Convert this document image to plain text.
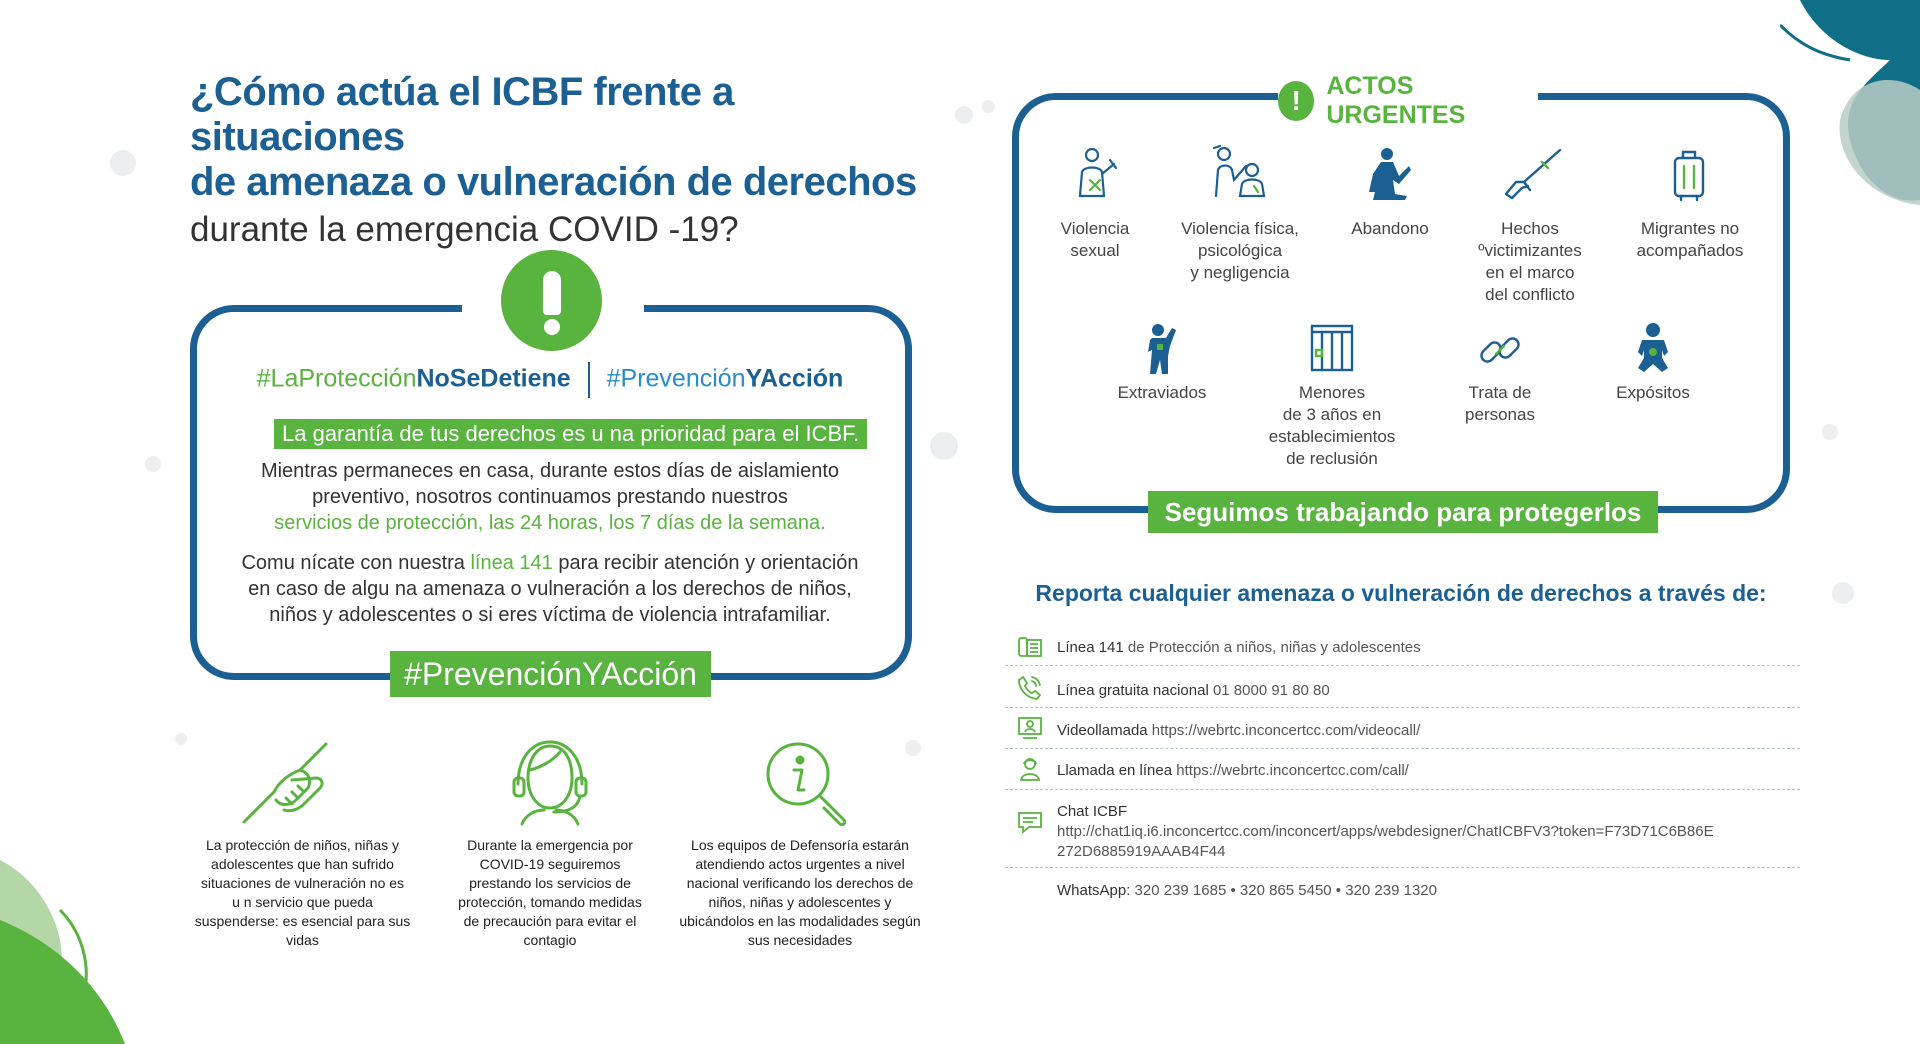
¿Cómo actúa el ICBF frente a situaciones
de amenaza o vulneración de derechos
durante la emergencia COVID -19?
#LaProtecciónNoSeDetiene #PrevenciónYAcción
La garantía de tus derechos es u na prioridad para el ICBF.
Mientras permaneces en casa, durante estos días de aislamiento
preventivo, nosotros continuamos prestando nuestros
servicios de protección, las 24 horas, los 7 días de la semana.
Comu nícate con nuestra línea 141 para recibir atención y orientación
en caso de algu na amenaza o vulneración a los derechos de niños,
niños y adolescentes o si eres víctima de violencia intrafamiliar.
#PrevenciónYAcción
La protección de niños, niñas y
adolescentes que han sufrido
situaciones de vulneración no es
u n servicio que pueda
suspenderse: es esencial para sus
vidas
Durante la emergencia por
COVID-19 seguiremos
prestando los servicios de
protección, tomando medidas
de precaución para evitar el
contagio
Los equipos de Defensoría estarán
atendiendo actos urgentes a nivel
nacional verificando los derechos de
niños, niñas y adolescentes y
ubicándolos en las modalidades según
sus necesidades
!	ACTOS URGENTES
Violencia
sexual
Violencia física,
psicológica
y negligencia
Abandono	Hechos
ºvictimizantes
en el marco
del conflicto
Migrantes no
acompañados
Extraviados	Menores
de 3 años en
establecimientos
de reclusión
Trata de
personas
Expósitos
Seguimos trabajando para protegerlos
Reporta cualquier amenaza o vulneración de derechos a través de:
Línea 141 de Protección a niños, niñas y adolescentes
Línea gratuita nacional 01 8000 91 80 80
Videollamada https://webrtc.inconcertcc.com/videocall/
Llamada en línea https://webrtc.inconcertcc.com/call/
Chat ICBF
http://chat1iq.i6.inconcertcc.com/inconcert/apps/webdesigner/ChatICBFV3?token=F73D71C6B86E
272D6885919AAAB4F44
WhatsApp: 320 239 1685 • 320 865 5450 • 320 239 1320
